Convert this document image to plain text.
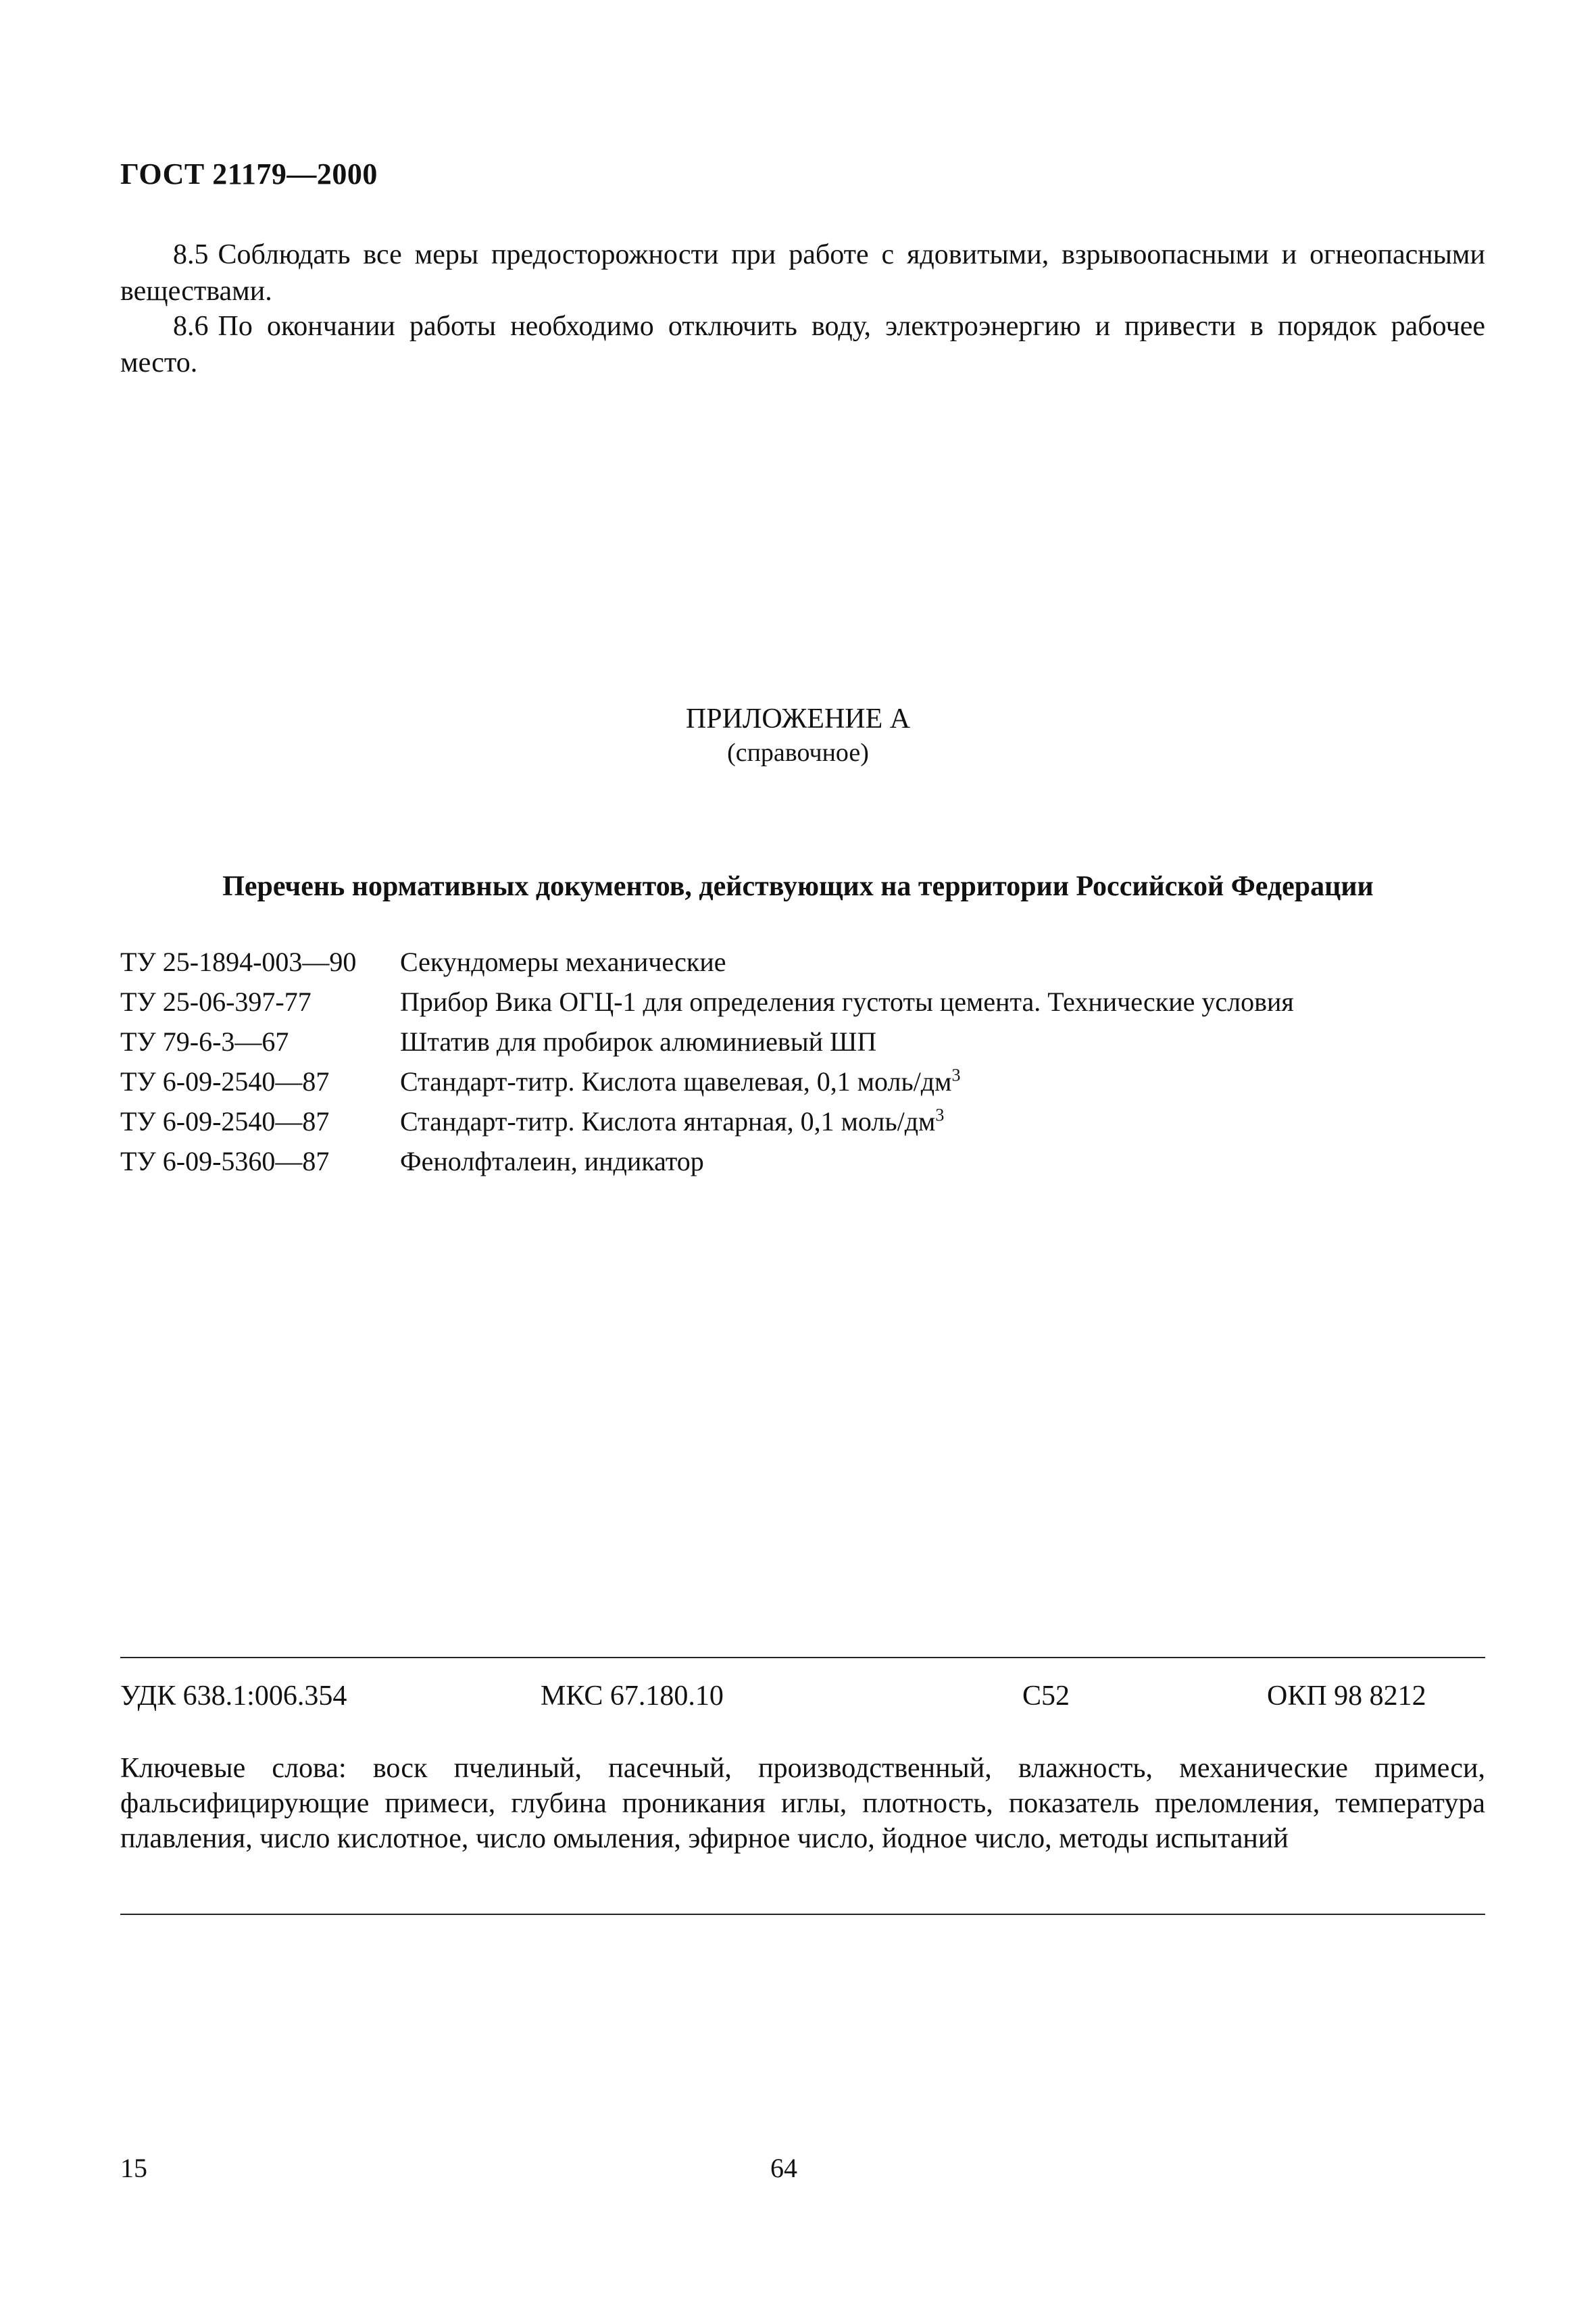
ГОСТ 21179—2000

8.5 Соблюдать все меры предосторожности при работе с ядовитыми, взрывоопасными и огнеопасными веществами.

8.6 По окончании работы необходимо отключить воду, электроэнергию и привести в порядок рабочее место.

ПРИЛОЖЕНИЕ А
(справочное)
Перечень нормативных документов, действующих на территории Российской Федерации
ТУ 25-1894-003—90	Секундомеры механические
ТУ 25-06-397-77	Прибор Вика ОГЦ-1 для определения густоты цемента. Технические условия
ТУ 79-6-3—67	Штатив для пробирок алюминиевый ШП
ТУ 6-09-2540—87	Стандарт-титр. Кислота щавелевая, 0,1 моль/$дм^3$
ТУ 6-09-2540—87	Стандарт-титр. Кислота янтарная, 0,1 моль/$дм^3$
ТУ 6-09-5360—87	Фенолфталеин, индикатор
УДК 638.1:006.354	МКС 67.180.10	С52	ОКП 98 8212

Ключевые слова: воск пчелиный, пасечный, производственный, влажность, механические примеси, фальсифицирующие примеси, глубина проникания иглы, плотность, показатель преломления, температура плавления, число кислотное, число омыления, эфирное число, йодное число, методы испытаний

15	64
